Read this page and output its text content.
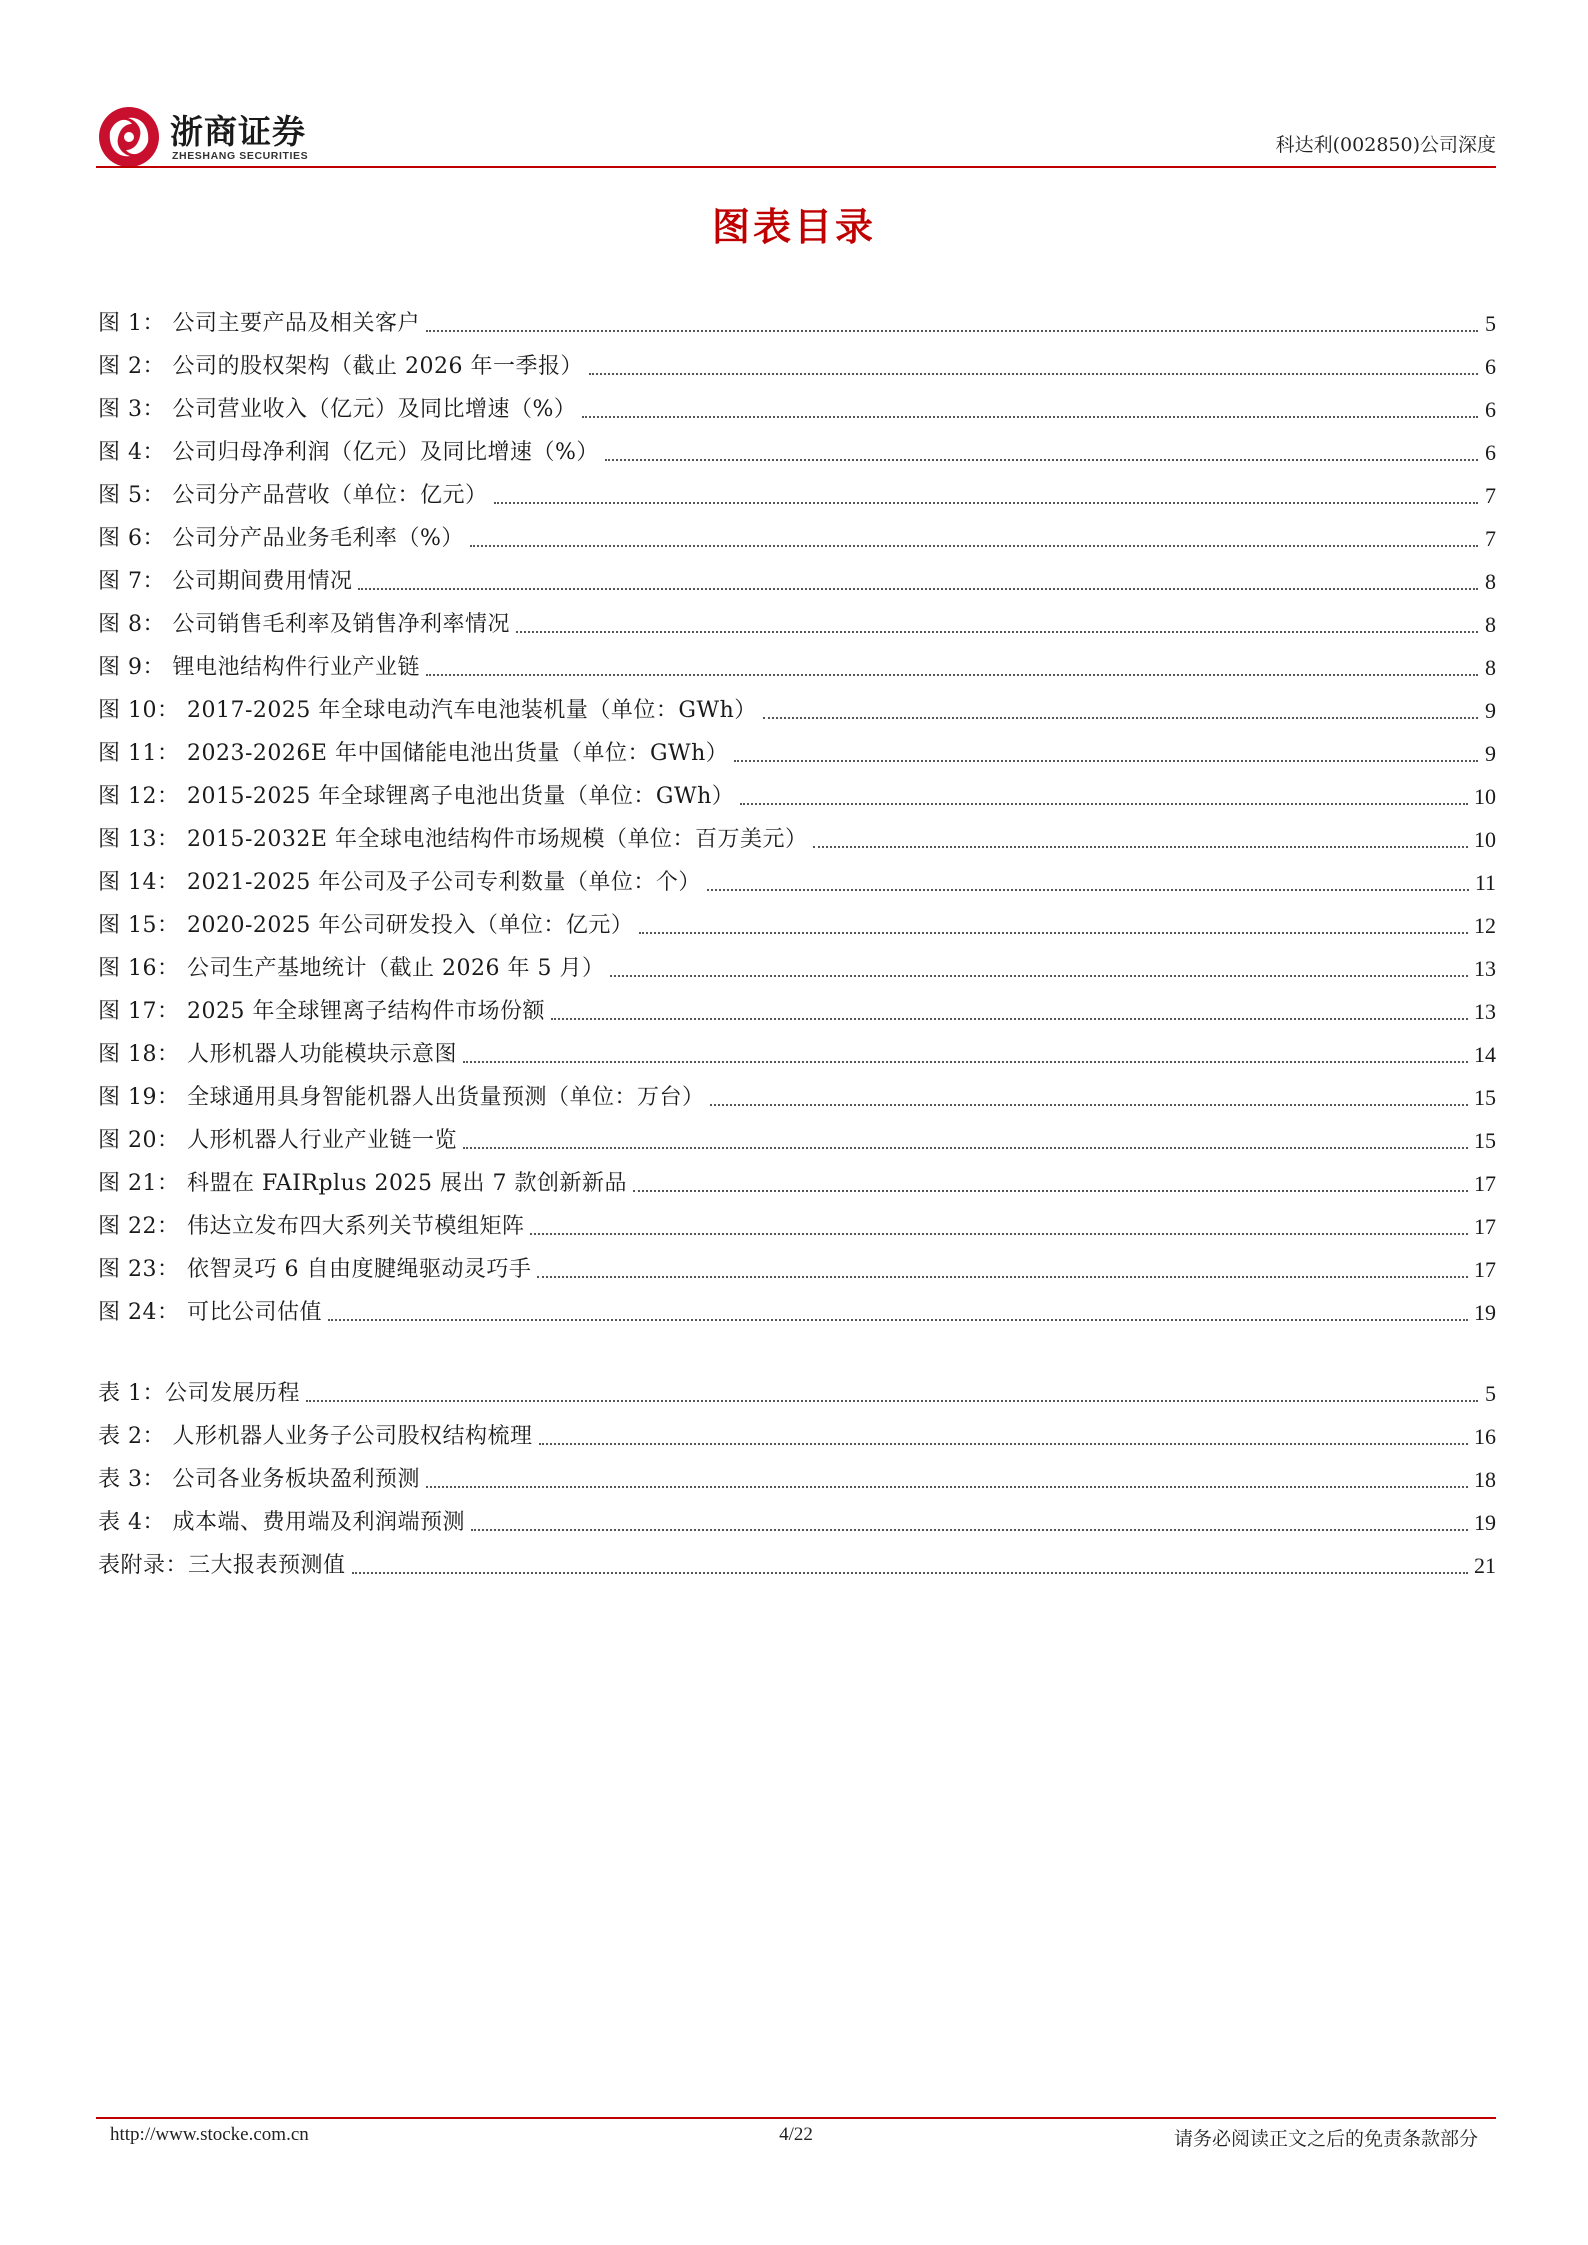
浙商证券
ZHESHANG SECURITIES	科达利(002850)公司深度
图表目录
图 1： 公司主要产品及相关客户	5
图 2： 公司的股权架构（截止 2026 年一季报）	6
图 3： 公司营业收入（亿元）及同比增速（%）	6
图 4： 公司归母净利润（亿元）及同比增速（%）	6
图 5： 公司分产品营收（单位：亿元）	7
图 6： 公司分产品业务毛利率（%）	7
图 7： 公司期间费用情况	8
图 8： 公司销售毛利率及销售净利率情况	8
图 9： 锂电池结构件行业产业链	8
图 10： 2017-2025 年全球电动汽车电池装机量（单位：GWh）	9
图 11： 2023-2026E 年中国储能电池出货量（单位：GWh）	9
图 12： 2015-2025 年全球锂离子电池出货量（单位：GWh）	10
图 13： 2015-2032E 年全球电池结构件市场规模（单位：百万美元）	10
图 14： 2021-2025 年公司及子公司专利数量（单位：个）	11
图 15： 2020-2025 年公司研发投入（单位：亿元）	12
图 16： 公司生产基地统计（截止 2026 年 5 月）	13
图 17： 2025 年全球锂离子结构件市场份额	13
图 18： 人形机器人功能模块示意图	14
图 19： 全球通用具身智能机器人出货量预测（单位：万台）	15
图 20： 人形机器人行业产业链一览	15
图 21： 科盟在 FAIRplus 2025 展出 7 款创新新品	17
图 22： 伟达立发布四大系列关节模组矩阵	17
图 23： 依智灵巧 6 自由度腱绳驱动灵巧手	17
图 24： 可比公司估值	19
表 1：公司发展历程	5
表 2： 人形机器人业务子公司股权结构梳理	16
表 3： 公司各业务板块盈利预测	18
表 4： 成本端、费用端及利润端预测	19
表附录：三大报表预测值	21
http://www.stocke.com.cn	4/22	请务必阅读正文之后的免责条款部分
